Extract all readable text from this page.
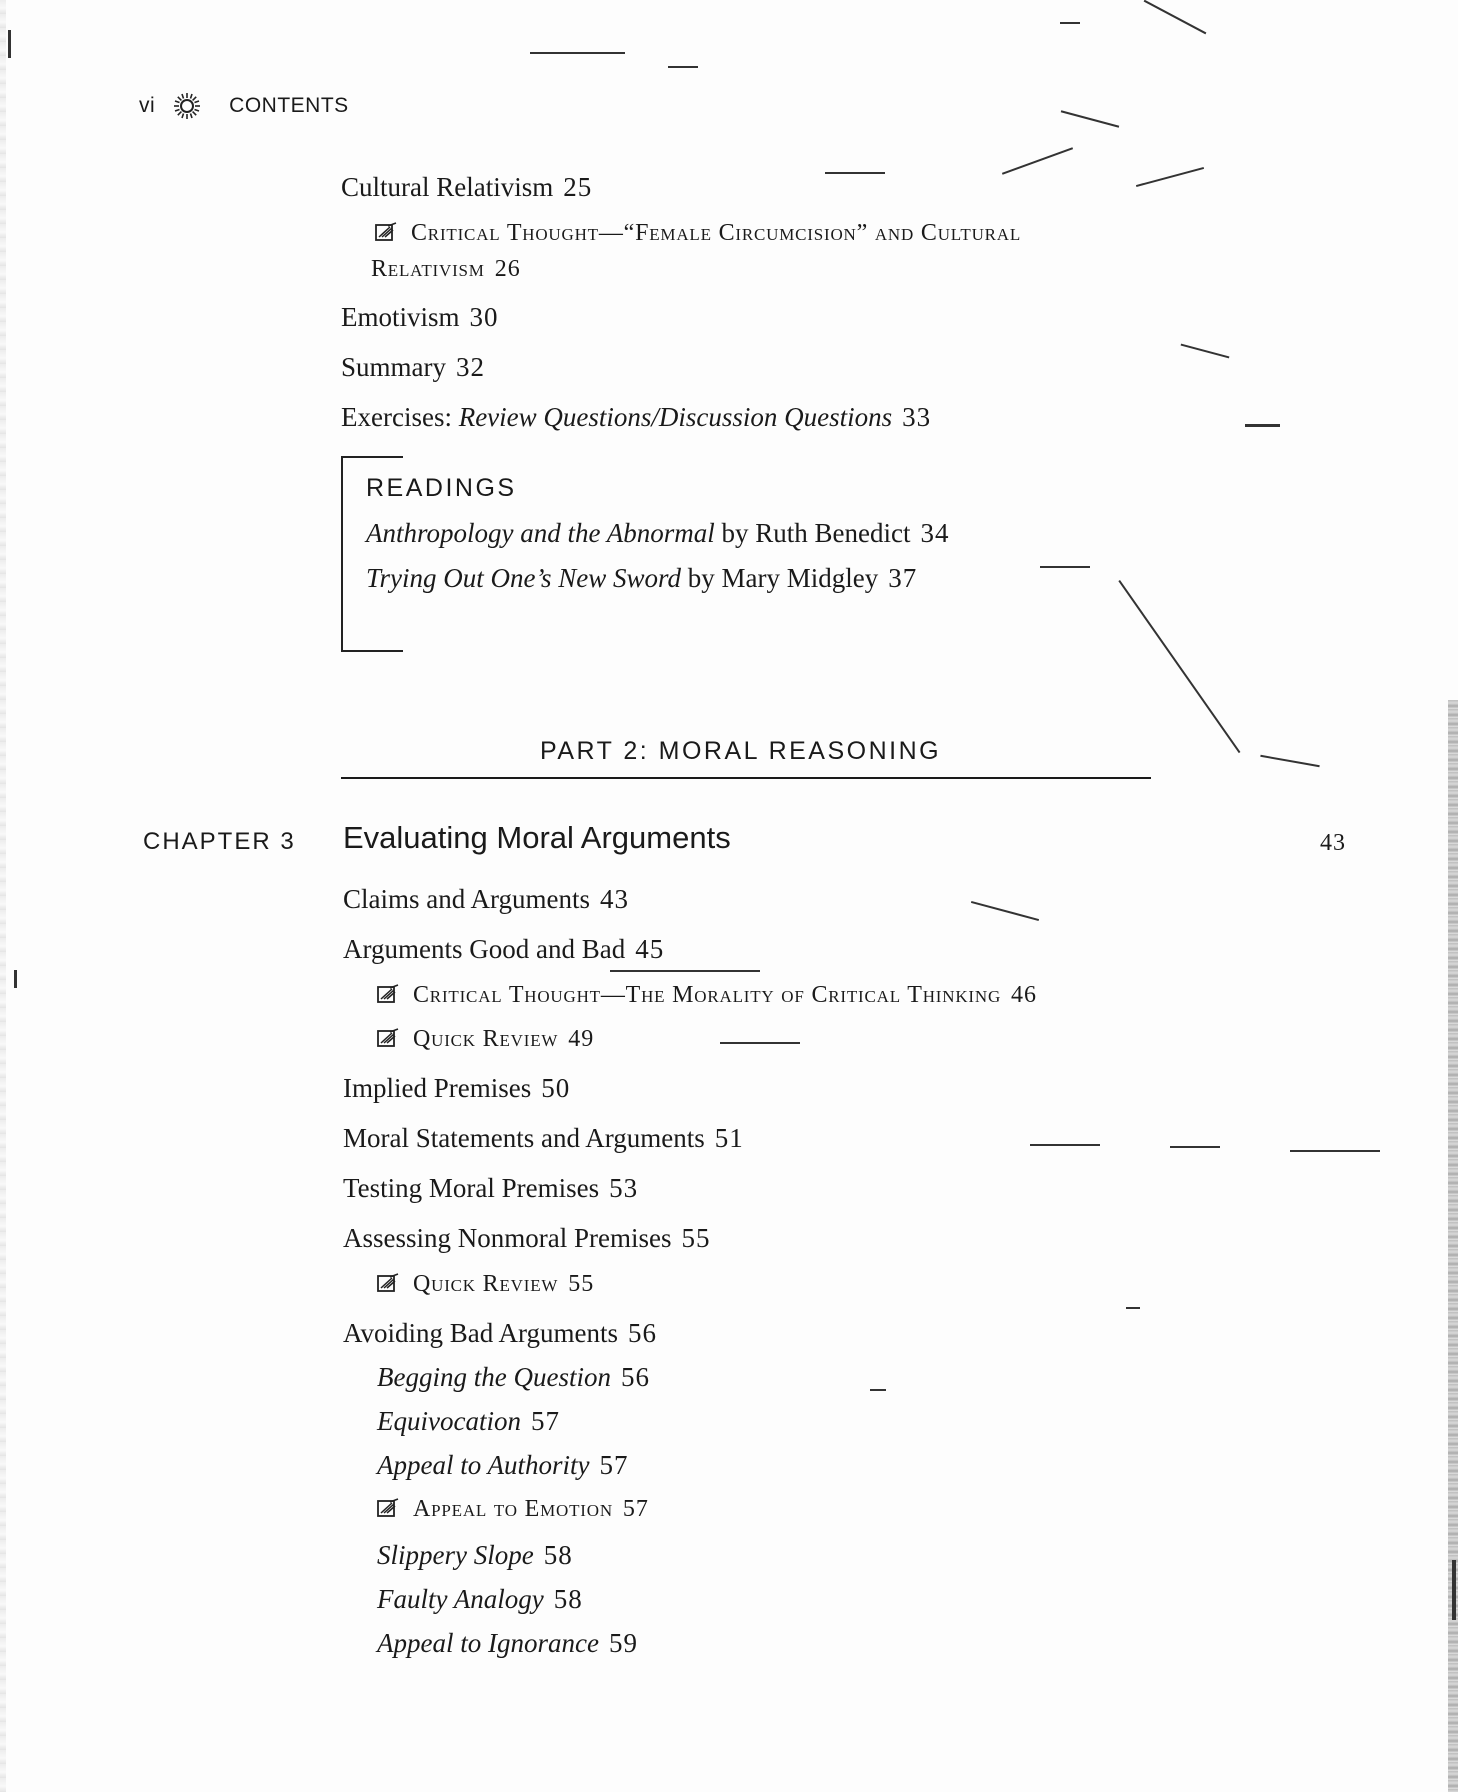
vi	CONTENTS
Cultural Relativism 25
Critical Thought—“Female Circumcision” and Cultural
Relativism 26
Emotivism 30
Summary 32
Exercises: Review Questions/Discussion Questions 33
READINGS
Anthropology and the Abnormal by Ruth Benedict 34
Trying Out One’s New Sword by Mary Midgley 37
PART 2: MORAL REASONING
CHAPTER 3 Evaluating Moral Arguments	43
Claims and Arguments 43
Arguments Good and Bad 45
Critical Thought—The Morality of Critical Thinking 46
Quick Review 49
Implied Premises 50
Moral Statements and Arguments 51
Testing Moral Premises 53
Assessing Nonmoral Premises 55
Quick Review 55
Avoiding Bad Arguments 56
Begging the Question 56
Equivocation 57
Appeal to Authority 57
Appeal to Emotion 57
Slippery Slope 58
Faulty Analogy 58
Appeal to Ignorance 59
